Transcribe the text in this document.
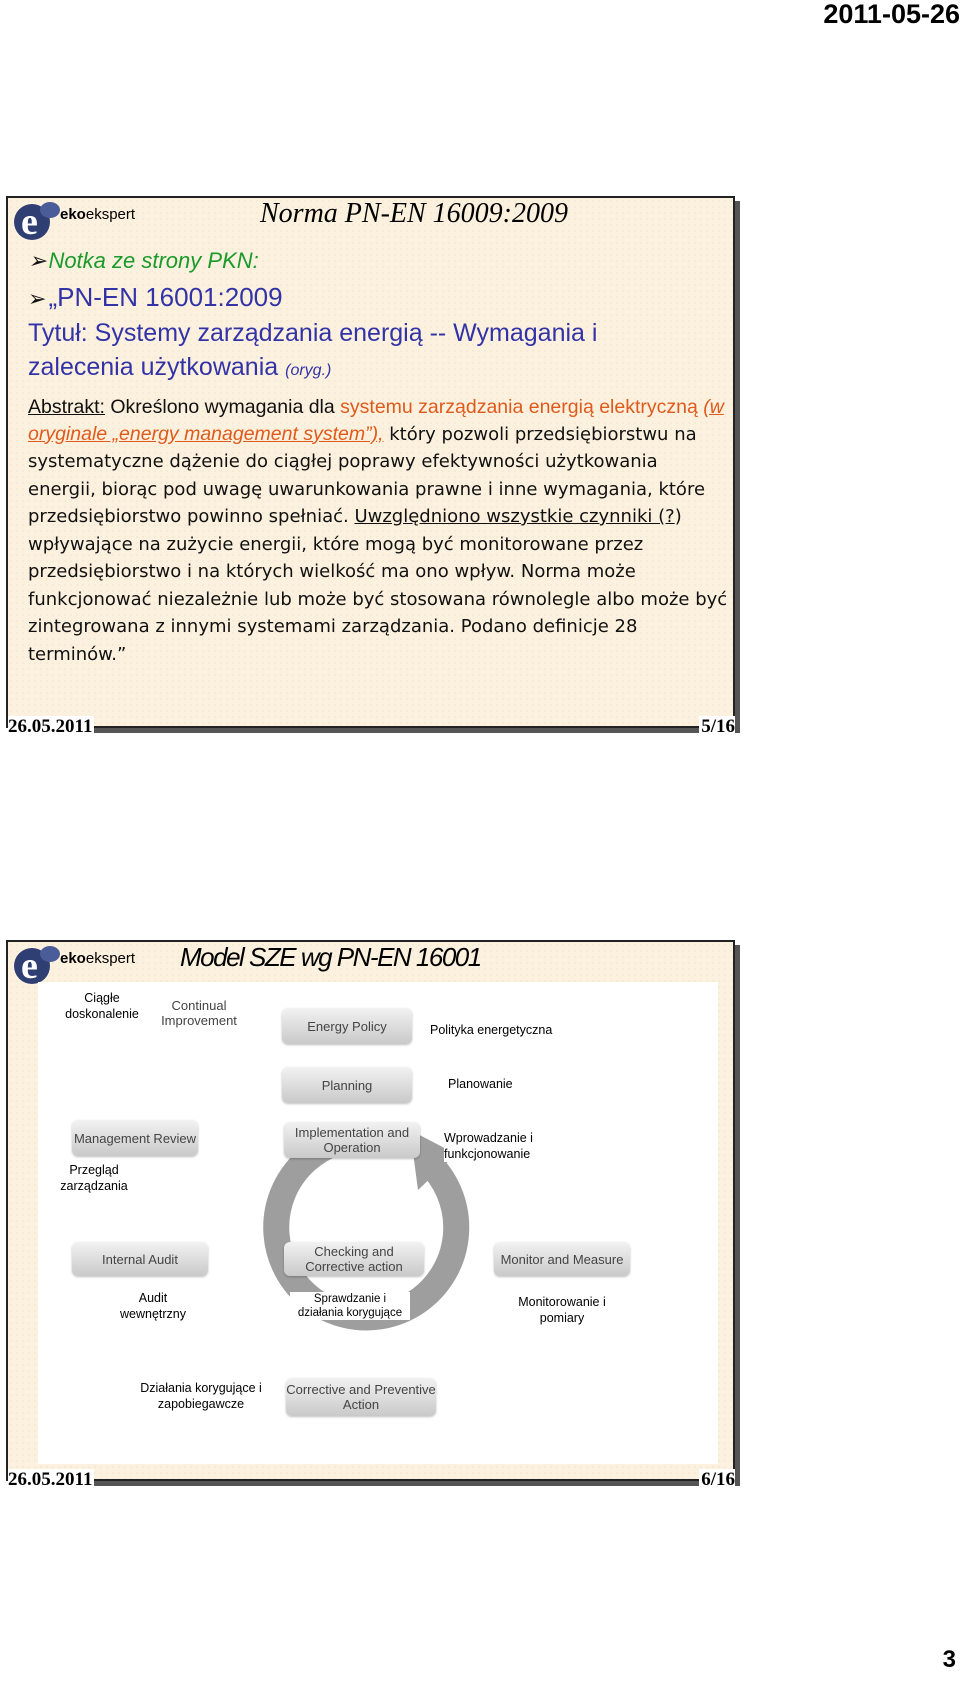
2011-05-26
e ekoekspert	Norma PN-EN 16009:2009
➢Notka ze strony PKN:
➢„PN-EN 16001:2009
Tytuł: Systemy zarządzania energią -- Wymagania i
zalecenia użytkowania (oryg.)
Abstrakt: Określono wymagania dla systemu zarządzania energią elektryczną (w oryginale „energy management system”), który pozwoli przedsiębiorstwu na systematyczne dążenie do ciągłej poprawy efektywności użytkowania energii, biorąc pod uwagę uwarunkowania prawne i inne wymagania, które przedsiębiorstwo powinno spełniać. Uwzględniono wszystkie czynniki (?) wpływające na zużycie energii, które mogą być monitorowane przez przedsiębiorstwo i na których wielkość ma ono wpływ. Norma może funkcjonować niezależnie lub może być stosowana równolegle albo może być zintegrowana z innymi systemami zarządzania. Podano definicje 28 terminów.”
26.05.2011	5/16
e ekoekspert Model SZE wg PN-EN 16001
Continual Improvement	Energy Policy
Planning
Management Review	Implementation and Operation
Internal Audit	Checking and Corrective action	Monitor and Measure
Corrective and Preventive Action
Ciągłe doskonalenie
Polityka energetyczna
Planowanie
Wprowadzanie i funkcjonowanie
Przegląd zarządzania
Audit wewnętrzny
Sprawdzanie i działania korygujące
Monitorowanie i pomiary
Działania korygujące i zapobiegawcze
26.05.2011	6/16
3
